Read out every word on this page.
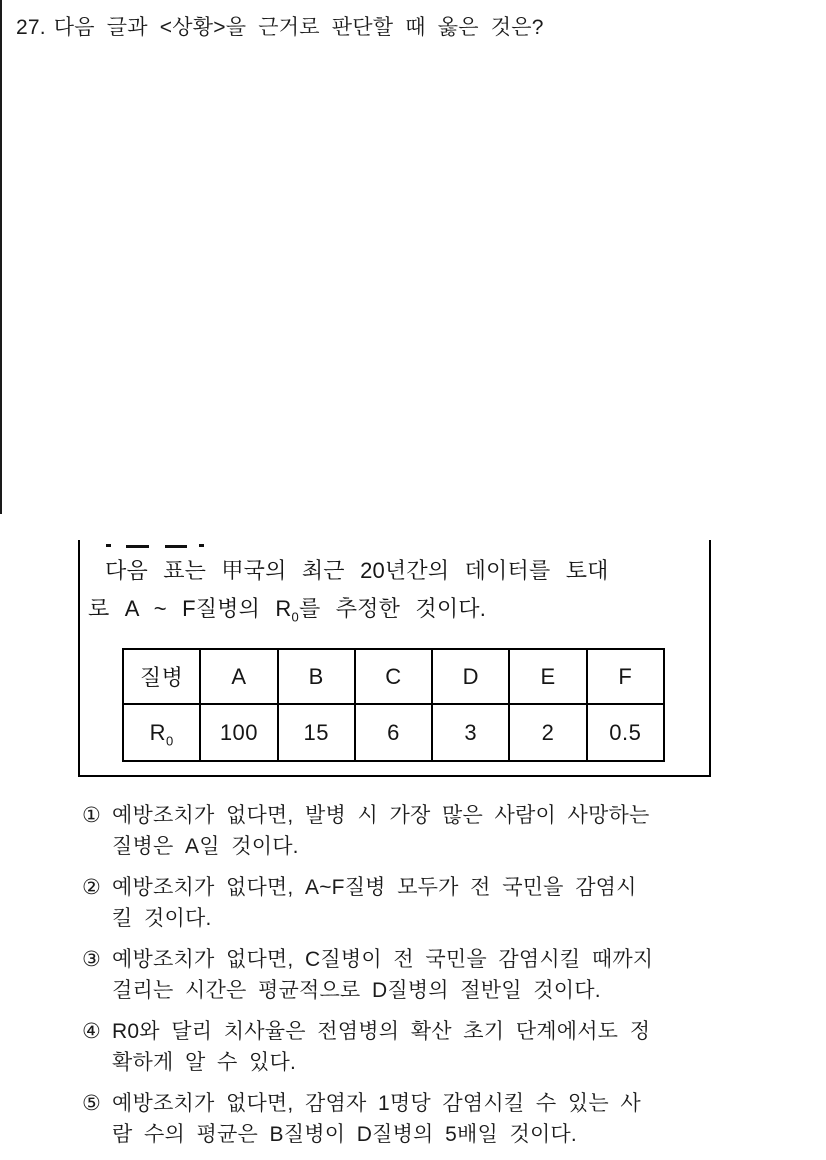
27. 다음 글과 <상황>을 근거로 판단할 때 옳은 것은?
다음 표는 甲국의 최근 20년간의 데이터를 토대
로 A ~ F질병의 $R_0$를 추정한 것이다.
질병	A	B	C	D	E	F
$R_0$	100	15	6	3	2	0.5
① 예방조치가 없다면, 발병 시 가장 많은 사람이 사망하는
질병은 A일 것이다.
② 예방조치가 없다면, A~F질병 모두가 전 국민을 감염시
킬 것이다.
③ 예방조치가 없다면, C질병이 전 국민을 감염시킬 때까지
걸리는 시간은 평균적으로 D질병의 절반일 것이다.
④ R0와 달리 치사율은 전염병의 확산 초기 단계에서도 정
확하게 알 수 있다.
⑤ 예방조치가 없다면, 감염자 1명당 감염시킬 수 있는 사
람 수의 평균은 B질병이 D질병의 5배일 것이다.
